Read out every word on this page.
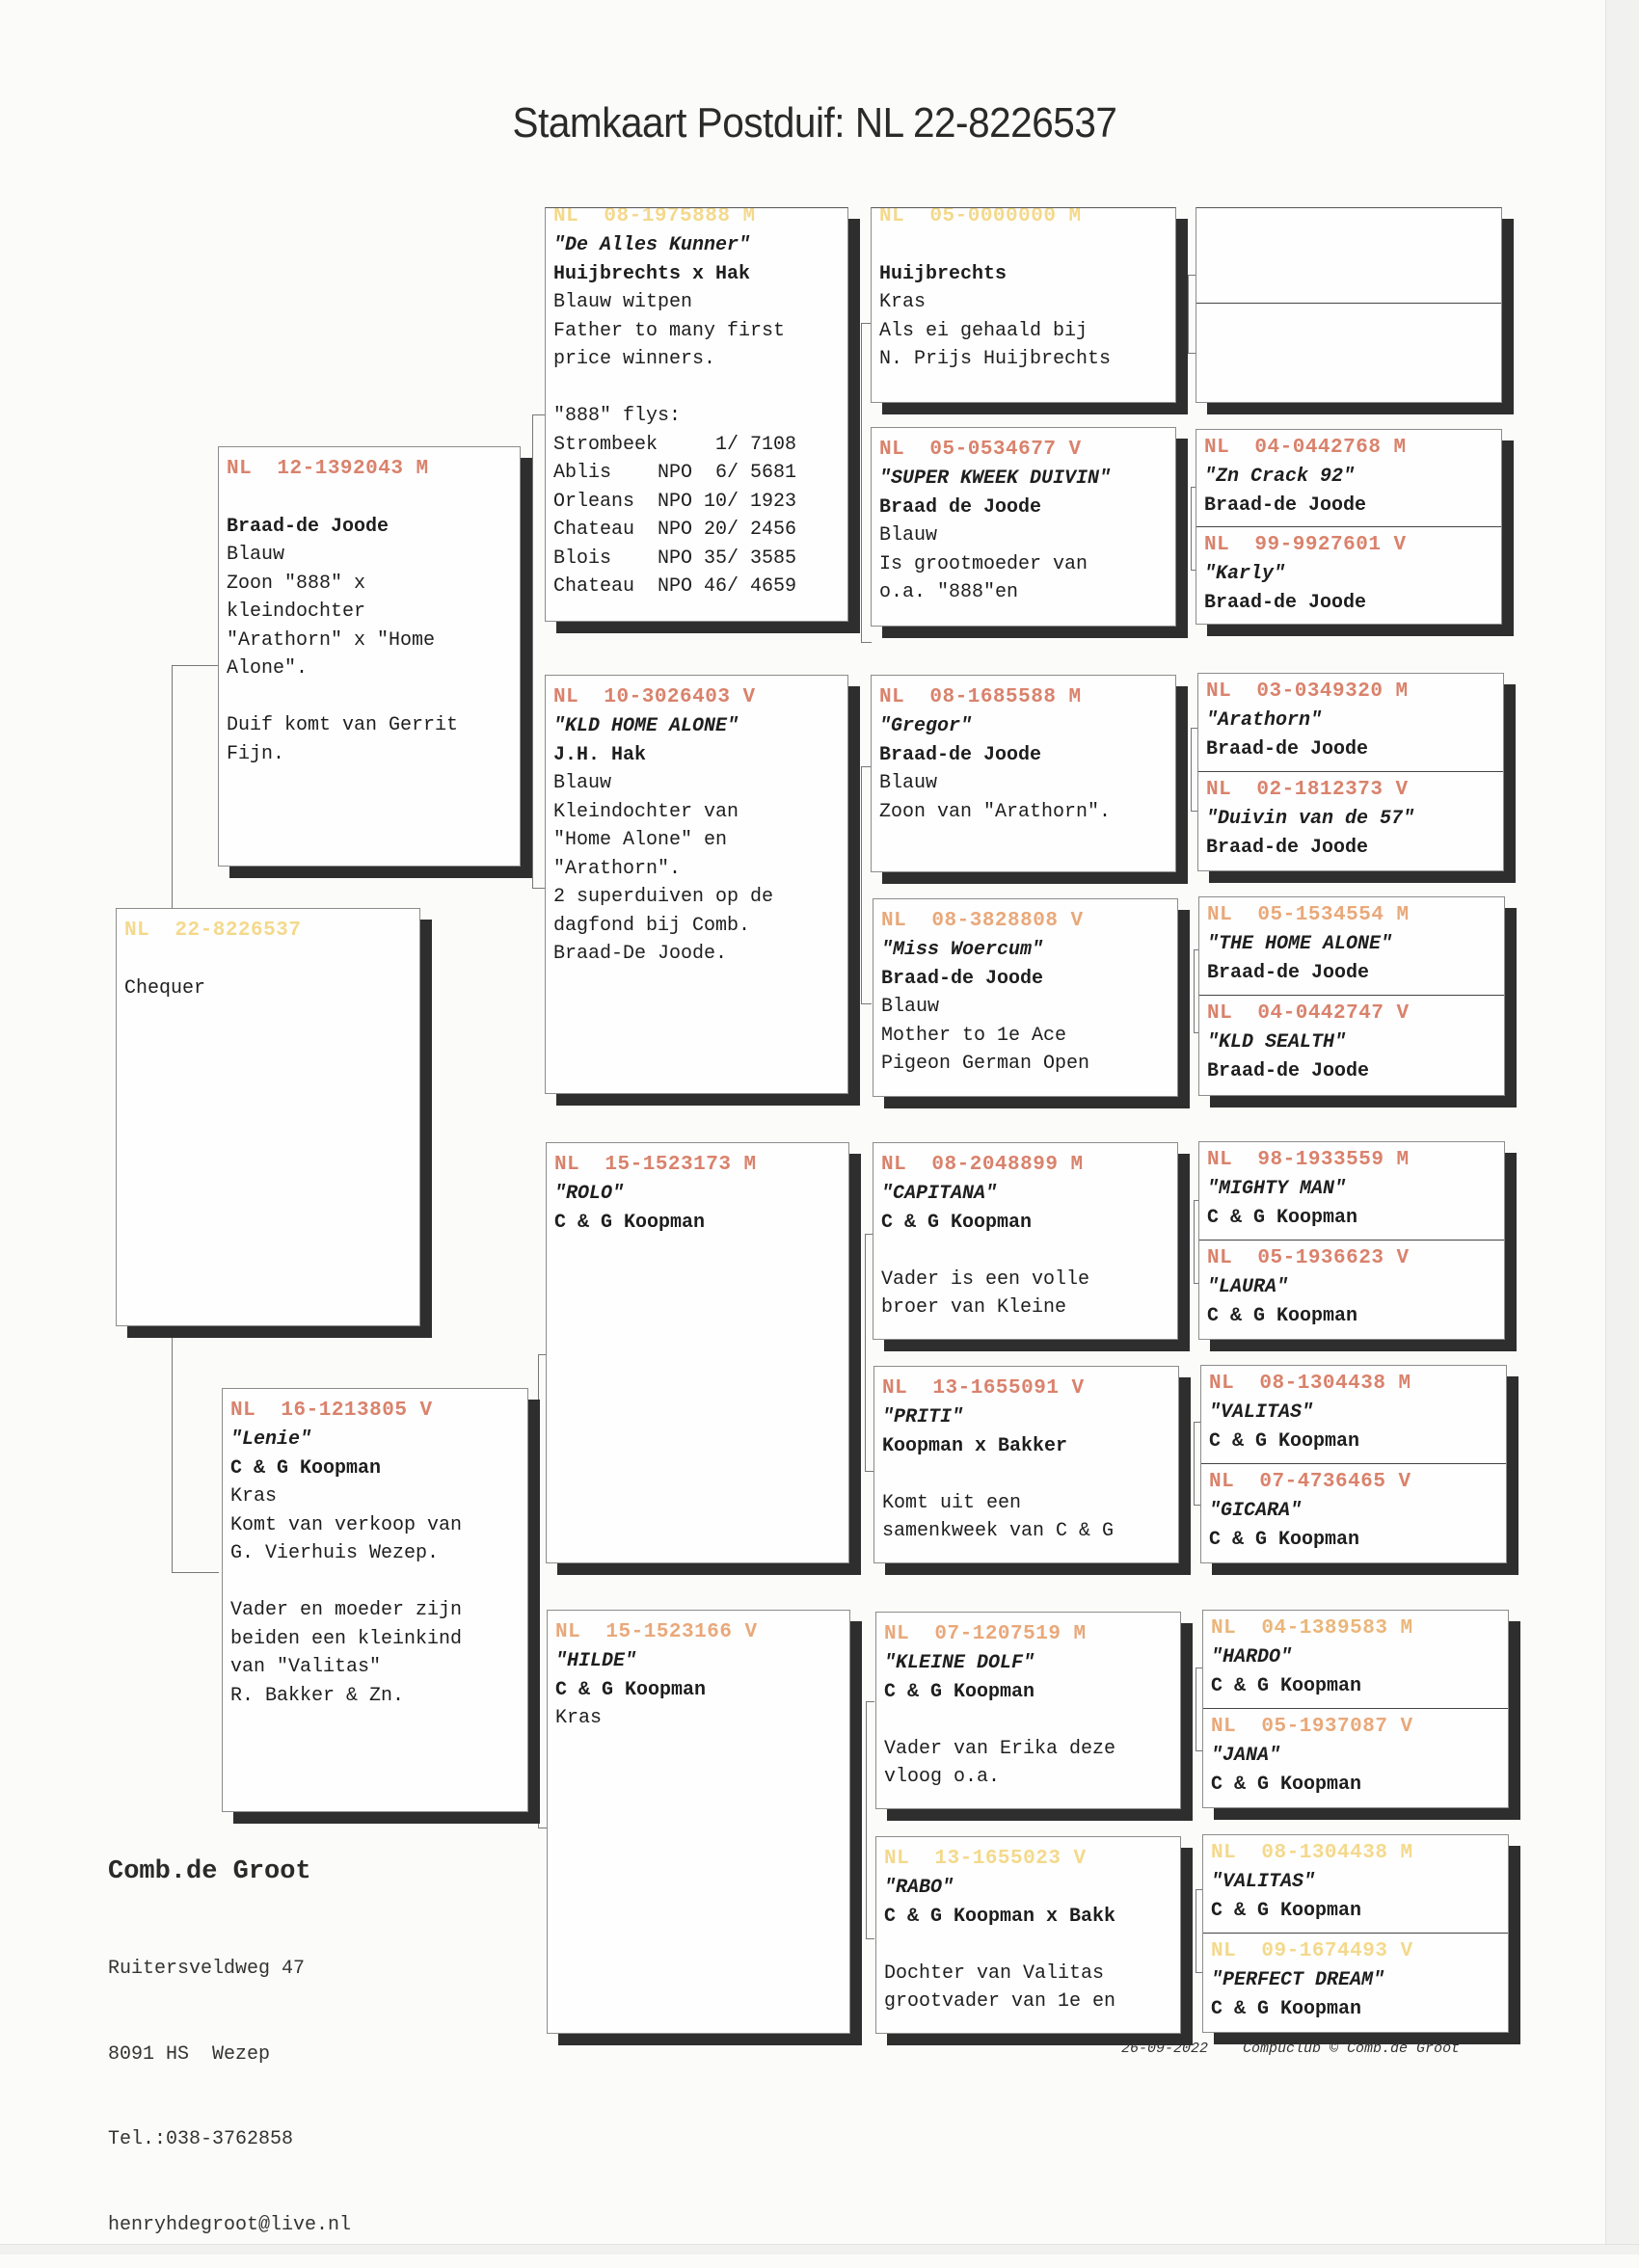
Stamkaart Postduif: NL 22-8226537
NL  22-8226537
Chequer
NL  12-1392043 M
Braad-de Joode
Blauw
Zoon "888" x
kleindochter
"Arathorn" x "Home
Alone".
Duif komt van Gerrit
Fijn.
NL  16-1213805 V
"Lenie"
C & G Koopman
Kras
Komt van verkoop van
G. Vierhuis Wezep.
Vader en moeder zijn
beiden een kleinkind
van "Valitas"
R. Bakker & Zn.
NL  08-1975888 M
"De Alles Kunner"
Huijbrechts x Hak
Blauw witpen
Father to many first
price winners.
"888" flys:
Strombeek     1/ 7108
Ablis    NPO  6/ 5681
Orleans  NPO 10/ 1923
Chateau  NPO 20/ 2456
Blois    NPO 35/ 3585
Chateau  NPO 46/ 4659
NL  10-3026403 V
"KLD HOME ALONE"
J.H. Hak
Blauw
Kleindochter van
"Home Alone" en
"Arathorn".
2 superduiven op de
dagfond bij Comb.
Braad-De Joode.
NL  15-1523173 M
"ROLO"
C & G Koopman
NL  15-1523166 V
"HILDE"
C & G Koopman
Kras
NL  05-0000000 M
Huijbrechts
Kras
Als ei gehaald bij
N. Prijs Huijbrechts
NL  05-0534677 V
"SUPER KWEEK DUIVIN"
Braad de Joode
Blauw
Is grootmoeder van
o.a. "888"en
NL  08-1685588 M
"Gregor"
Braad-de Joode
Blauw
Zoon van "Arathorn".
NL  08-3828808 V
"Miss Woercum"
Braad-de Joode
Blauw
Mother to 1e Ace
Pigeon German Open
NL  08-2048899 M
"CAPITANA"
C & G Koopman
Vader is een volle
broer van Kleine
NL  13-1655091 V
"PRITI"
Koopman x Bakker
Komt uit een
samenkweek van C & G
NL  07-1207519 M
"KLEINE DOLF"
C & G Koopman
Vader van Erika deze
vloog o.a.
NL  13-1655023 V
"RABO"
C & G Koopman x Bakk
Dochter van Valitas
grootvader van 1e en
NL  04-0442768 M
"Zn Crack 92"
Braad-de Joode
NL  99-9927601 V
"Karly"
Braad-de Joode
NL  03-0349320 M
"Arathorn"
Braad-de Joode
NL  02-1812373 V
"Duivin van de 57"
Braad-de Joode
NL  05-1534554 M
"THE HOME ALONE"
Braad-de Joode
NL  04-0442747 V
"KLD SEALTH"
Braad-de Joode
NL  98-1933559 M
"MIGHTY MAN"
C & G Koopman
NL  05-1936623 V
"LAURA"
C & G Koopman
NL  08-1304438 M
"VALITAS"
C & G Koopman
NL  07-4736465 V
"GICARA"
C & G Koopman
NL  04-1389583 M
"HARDO"
C & G Koopman
NL  05-1937087 V
"JANA"
C & G Koopman
NL  08-1304438 M
"VALITAS"
C & G Koopman
NL  09-1674493 V
"PERFECT DREAM"
C & G Koopman
Comb.de Groot

Ruitersveldweg 47

8091 HS  Wezep

Tel.:038-3762858

henryhdegroot@live.nl

26-09-2022 Compuclub © Comb.de Groot
